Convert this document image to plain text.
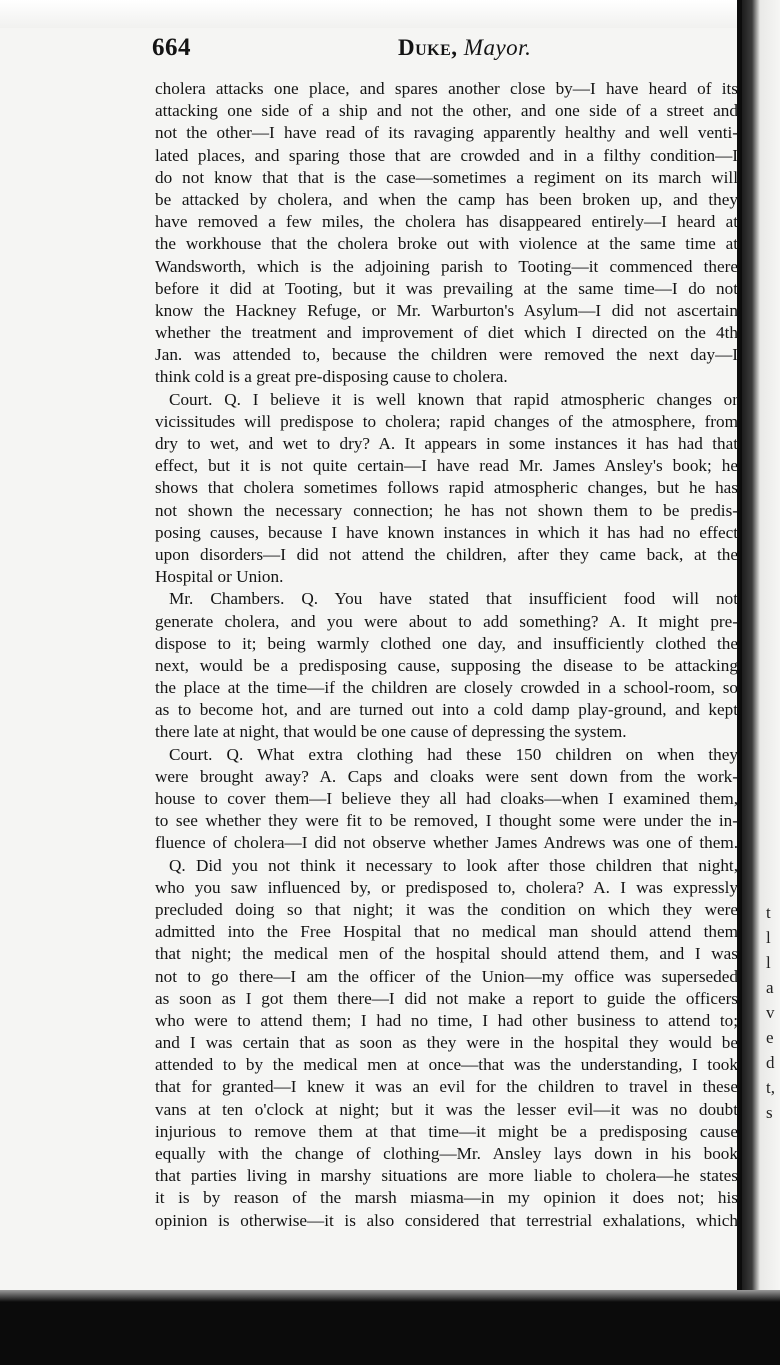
664	Duke, Mayor.
cholera attacks one place, and spares another close by—I have heard of its
attacking one side of a ship and not the other, and one side of a street and
not the other—I have read of its ravaging apparently healthy and well venti-
lated places, and sparing those that are crowded and in a filthy condition—I
do not know that that is the case—sometimes a regiment on its march will
be attacked by cholera, and when the camp has been broken up, and they
have removed a few miles, the cholera has disappeared entirely—I heard at
the workhouse that the cholera broke out with violence at the same time at
Wandsworth, which is the adjoining parish to Tooting—it commenced there
before it did at Tooting, but it was prevailing at the same time—I do not
know the Hackney Refuge, or Mr. Warburton's Asylum—I did not ascertain
whether the treatment and improvement of diet which I directed on the 4th
Jan. was attended to, because the children were removed the next day—I
think cold is a great pre-disposing cause to cholera.
Court. Q. I believe it is well known that rapid atmospheric changes or
vicissitudes will predispose to cholera; rapid changes of the atmosphere, from
dry to wet, and wet to dry? A. It appears in some instances it has had that
effect, but it is not quite certain—I have read Mr. James Ansley's book; he
shows that cholera sometimes follows rapid atmospheric changes, but he has
not shown the necessary connection; he has not shown them to be predis-
posing causes, because I have known instances in which it has had no effect
upon disorders—I did not attend the children, after they came back, at the
Hospital or Union.
Mr. Chambers. Q. You have stated that insufficient food will not
generate cholera, and you were about to add something? A. It might pre-
dispose to it; being warmly clothed one day, and insufficiently clothed the
next, would be a predisposing cause, supposing the disease to be attacking
the place at the time—if the children are closely crowded in a school-room, so
as to become hot, and are turned out into a cold damp play-ground, and kept
there late at night, that would be one cause of depressing the system.
Court. Q. What extra clothing had these 150 children on when they
were brought away? A. Caps and cloaks were sent down from the work-
house to cover them—I believe they all had cloaks—when I examined them,
to see whether they were fit to be removed, I thought some were under the in-
fluence of cholera—I did not observe whether James Andrews was one of them.
Q. Did you not think it necessary to look after those children that night,
who you saw influenced by, or predisposed to, cholera? A. I was expressly
precluded doing so that night; it was the condition on which they were
admitted into the Free Hospital that no medical man should attend them
that night; the medical men of the hospital should attend them, and I was
not to go there—I am the officer of the Union—my office was superseded
as soon as I got them there—I did not make a report to guide the officers
who were to attend them; I had no time, I had other business to attend to;
and I was certain that as soon as they were in the hospital they would be
attended to by the medical men at once—that was the understanding, I took
that for granted—I knew it was an evil for the children to travel in these
vans at ten o'clock at night; but it was the lesser evil—it was no doubt
injurious to remove them at that time—it might be a predisposing cause
equally with the change of clothing—Mr. Ansley lays down in his book
that parties living in marshy situations are more liable to cholera—he states
it is by reason of the marsh miasma—in my opinion it does not; his
opinion is otherwise—it is also considered that terrestrial exhalations, which
t
l
l
a
v
e
d
t,
s
